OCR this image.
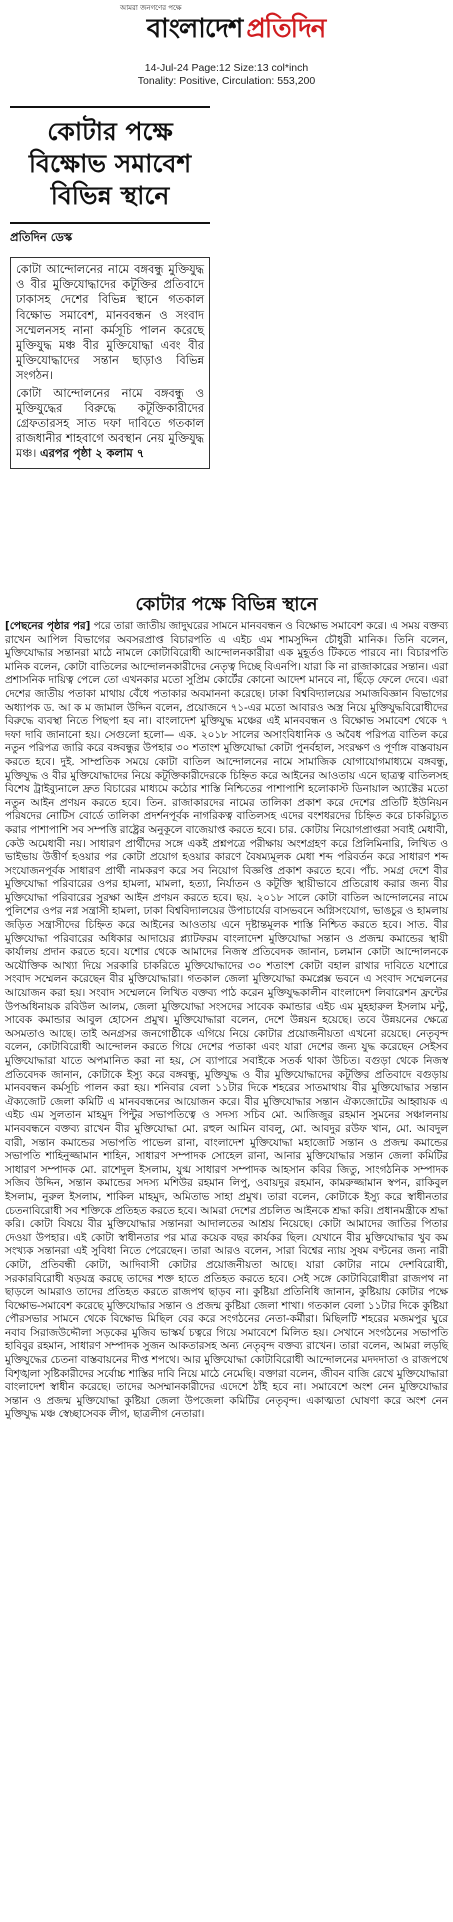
আমরা জনগণের পক্ষে
বাংলাদেশ প্রতিদিন
14-Jul-24 Page:12 Size:13 col*inch
Tonality: Positive, Circulation: 553,200
কোটার পক্ষে
বিক্ষোভ সমাবেশ
বিভিন্ন স্থানে
প্রতিদিন ডেস্ক

কোটা আন্দোলনের নামে বঙ্গবন্ধু মুক্তিযুদ্ধ ও বীর মুক্তিযোদ্ধাদের কটূক্তির প্রতিবাদে ঢাকাসহ দেশের বিভিন্ন স্থানে গতকাল বিক্ষোভ সমাবেশ, মানববন্ধন ও সংবাদ সম্মেলনসহ নানা কর্মসূচি পালন করেছে মুক্তিযুদ্ধ মঞ্চ বীর মুক্তিযোদ্ধা এবং বীর মুক্তিযোদ্ধাদের সন্তান ছাড়াও বিভিন্ন সংগঠন।

কোটা আন্দোলনের নামে বঙ্গবন্ধু ও মুক্তিযুদ্ধের বিরুদ্ধে কটূক্তিকারীদের গ্রেফতারসহ সাত দফা দাবিতে গতকাল রাজধানীর শাহবাগে অবস্থান নেয় মুক্তিযুদ্ধ মঞ্চ। এরপর পৃষ্ঠা ২ কলাম ৭

কোটার পক্ষে বিভিন্ন স্থানে

[পেছনের পৃষ্ঠার পর] পরে তারা জাতীয় জাদুঘরের সামনে মানববন্ধন ও বিক্ষোভ সমাবেশ করে। এ সময় বক্তব্য রাখেন আপিল বিভাগের অবসরপ্রাপ্ত বিচারপতি এ এইচ এম শামসুদ্দিন চৌধুরী মানিক। তিনি বলেন, মুক্তিযোদ্ধার সন্তানরা মাঠে নামলে কোটাবিরোধী আন্দোলনকারীরা এক মুহূর্তও টিকতে পারবে না। বিচারপতি মানিক বলেন, কোটা বাতিলের আন্দোলনকারীদের নেতৃত্ব দিচ্ছে বিএনপি। যারা কি না রাজাকারের সন্তান। এরা প্রশাসনিক দায়িত্ব পেলে তো এখনকার মতো সুপ্রিম কোর্টের কোনো আদেশ মানবে না, ছিঁড়ে ফেলে দেবে। এরা দেশের জাতীয় পতাকা মাথায় বেঁধে পতাকার অবমাননা করেছে। ঢাকা বিশ্ববিদ্যালয়ের সমাজবিজ্ঞান বিভাগের অধ্যাপক ড. আ ক ম জামাল উদ্দিন বলেন, প্রয়োজনে ৭১-এর মতো আবারও অস্ত্র নিয়ে মুক্তিযুদ্ধবিরোধীদের বিরুদ্ধে ব্যবস্থা নিতে পিছপা হব না। বাংলাদেশ মুক্তিযুদ্ধ মঞ্চের এই মানববন্ধন ও বিক্ষোভ সমাবেশ থেকে ৭ দফা দাবি জানানো হয়। সেগুলো হলো— এক. ২০১৮ সালের অসাংবিধানিক ও অবৈধ পরিপত্র বাতিল করে নতুন পরিপত্র জারি করে বঙ্গবন্ধুর উপহার ৩০ শতাংশ মুক্তিযোদ্ধা কোটা পুনর্বহাল, সংরক্ষণ ও পূর্ণাঙ্গ বাস্তবায়ন করতে হবে। দুই. সাম্প্রতিক সময়ে কোটা বাতিল আন্দোলনের নামে সামাজিক যোগাযোগমাধ্যমে বঙ্গবন্ধু, মুক্তিযুদ্ধ ও বীর মুক্তিযোদ্ধাদের নিয়ে কটূক্তিকারীদেরকে চিহ্নিত করে আইনের আওতায় এনে ছাত্রত্ব বাতিলসহ বিশেষ ট্রাইব্যুনালে দ্রুত বিচারের মাধ্যমে কঠোর শাস্তি নিশ্চিতের পাশাপাশি হলোকাস্ট ডিনায়াল অ্যাক্টের মতো নতুন আইন প্রণয়ন করতে হবে। তিন. রাজাকারদের নামের তালিকা প্রকাশ করে দেশের প্রতিটি ইউনিয়ন পরিষদের নোটিস বোর্ডে তালিকা প্রদর্শনপূর্বক নাগরিকত্ব বাতিলসহ এদের বংশধরদের চিহ্নিত করে চাকরিচ্যুত করার পাশাপাশি সব সম্পত্তি রাষ্ট্রের অনুকূলে বাজেয়াপ্ত করতে হবে। চার. কোটায় নিয়োগপ্রাপ্তরা সবাই মেধাবী, কেউ অমেধাবী নয়। সাধারণ প্রার্থীদের সঙ্গে একই প্রশ্নপত্রে পরীক্ষায় অংশগ্রহণ করে প্রিলিমিনারি, লিখিত ও ভাইভায় উত্তীর্ণ হওয়ার পর কোটা প্রয়োগ হওয়ার কারণে বৈষম্যমূলক মেধা শব্দ পরিবর্তন করে সাধারণ শব্দ সংযোজনপূর্বক সাধারণ প্রার্থী নামকরণ করে সব নিয়োগ বিজ্ঞপ্তি প্রকাশ করতে হবে। পাঁচ. সমগ্র দেশে বীর মুক্তিযোদ্ধা পরিবারের ওপর হামলা, মামলা, হত্যা, নির্যাতন ও কটূক্তি স্থায়ীভাবে প্রতিরোধ করার জন্য বীর মুক্তিযোদ্ধা পরিবারের সুরক্ষা আইন প্রণয়ন করতে হবে। ছয়. ২০১৮ সালে কোটা বাতিল আন্দোলনের নামে পুলিশের ওপর নগ্ন সন্ত্রাসী হামলা, ঢাকা বিশ্ববিদ্যালয়ের উপাচার্যের বাসভবনে অগ্নিসংযোগ, ভাঙচুর ও হামলায় জড়িত সন্ত্রাসীদের চিহ্নিত করে আইনের আওতায় এনে দৃষ্টান্তমূলক শাস্তি নিশ্চিত করতে হবে। সাত. বীর মুক্তিযোদ্ধা পরিবারের অধিকার আদায়ের প্ল্যাটফরম বাংলাদেশ মুক্তিযোদ্ধা সন্তান ও প্রজন্ম কমান্ডের স্থায়ী কার্যালয় প্রদান করতে হবে। যশোর থেকে আমাদের নিজস্ব প্রতিবেদক জানান, চলমান কোটা আন্দোলনকে অযৌক্তিক আখ্যা দিয়ে সরকারি চাকরিতে মুক্তিযোদ্ধাদের ৩০ শতাংশ কোটা বহাল রাখার দাবিতে যশোরে সংবাদ সম্মেলন করেছেন বীর মুক্তিযোদ্ধারা। গতকাল জেলা মুক্তিযোদ্ধা কমপ্লেক্স ভবনে এ সংবাদ সম্মেলনের আয়োজন করা হয়। সংবাদ সম্মেলনে লিখিত বক্তব্য পাঠ করেন মুক্তিযুদ্ধকালীন বাংলাদেশ লিবারেশন ফ্রন্টের উপঅধিনায়ক রবিউল আলম, জেলা মুক্তিযোদ্ধা সংসদের সাবেক কমান্ডার এইচ এম মুহহারুল ইসলাম মন্টু, সাবেক কমান্ডার আবুল হোসেন প্রমুখ। মুক্তিযোদ্ধারা বলেন, দেশে উন্নয়ন হয়েছে। তবে উন্নয়নের ক্ষেত্রে অসমতাও আছে। তাই অনগ্রসর জনগোষ্ঠীকে এগিয়ে নিয়ে কোটার প্রয়োজনীয়তা এখনো রয়েছে। নেতৃবৃন্দ বলেন, কোটাবিরোধী আন্দোলন করতে গিয়ে দেশের পতাকা এবং যারা দেশের জন্য যুদ্ধ করেছেন সেইসব মুক্তিযোদ্ধারা যাতে অপমানিত করা না হয়, সে ব্যাপারে সবাইকে সতর্ক থাকা উচিত। বগুড়া থেকে নিজস্ব প্রতিবেদক জানান, কোটাকে ইস্যু করে বঙ্গবন্ধু, মুক্তিযুদ্ধ ও বীর মুক্তিযোদ্ধাদের কটূক্তির প্রতিবাদে বগুড়ায় মানববন্ধন কর্মসূচি পালন করা হয়। শনিবার বেলা ১১টার দিকে শহরের সাতমাথায় বীর মুক্তিযোদ্ধার সন্তান ঐক্যজোট জেলা কমিটি এ মানববন্ধনের আয়োজন করে। বীর মুক্তিযোদ্ধার সন্তান ঐক্যজোটের আহ্বায়ক এ এইচ এম সুলতান মাহমুদ পিন্টুর সভাপতিত্বে ও সদস্য সচিব মো. আজিজুর রহমান সুমনের সঞ্চালনায় মানববন্ধনে বক্তব্য রাখেন বীর মুক্তিযোদ্ধা মো. রহুল আমিন বাবলু, মো. আবদুর রউফ খান, মো. আবদুল বারী, সন্তান কমান্ডের সভাপতি পাভেল রানা, বাংলাদেশ মুক্তিযোদ্ধা মহাজোট সন্তান ও প্রজন্ম কমান্ডের সভাপতি শাহিনুজ্জামান শাহিন, সাধারণ সম্পাদক সোহেল রানা, আনার মুক্তিযোদ্ধার সন্তান জেলা কমিটির সাধারণ সম্পাদক মো. রাশেদুল ইসলাম, যুগ্ম সাধারণ সম্পাদক আহসান কবির জিতু, সাংগঠনিক সম্পাদক সজিব উদ্দিন, সন্তান কমান্ডের সদস্য মশিউর রহমান লিপু, ওবায়দুর রহমান, কামরুজ্জামান স্বপন, রাকিবুল ইসলাম, নুরুল ইসলাম, শাকিল মাহমুদ, অমিতাভ সাহা প্রমুখ। তারা বলেন, কোটাকে ইস্যু করে স্বাধীনতার চেতনাবিরোধী সব শক্তিকে প্রতিহত করতে হবে। আমরা দেশের প্রচলিত আইনকে শ্রদ্ধা করি। প্রধানমন্ত্রীকে শ্রদ্ধা করি। কোটা বিষয়ে বীর মুক্তিযোদ্ধার সন্তানরা আদালতের আশ্রয় নিয়েছে। কোটা আমাদের জাতির পিতার দেওয়া উপহার। এই কোটা স্বাধীনতার পর মাত্র কয়েক বছর কার্যকর ছিল। যেখানে বীর মুক্তিযোদ্ধার খুব কম সংখ্যক সন্তানরা এই সুবিধা নিতে পেরেছেন। তারা আরও বলেন, সারা বিশ্বের ন্যায় সুষম বণ্টনের জন্য নারী কোটা, প্রতিবন্ধী কোটা, আদিবাসী কোটার প্রয়োজনীয়তা আছে। যারা কোটার নামে দেশবিরোধী, সরকারবিরোধী ষড়যন্ত্র করছে তাদের শক্ত হাতে প্রতিহত করতে হবে। সেই সঙ্গে কোটাবিরোধীরা রাজপথ না ছাড়লে আমরাও তাদের প্রতিহত করতে রাজপথ ছাড়ব না। কুষ্টিয়া প্রতিনিধি জানান, কুষ্টিয়ায় কোটার পক্ষে বিক্ষোভ-সমাবেশ করেছে মুক্তিযোদ্ধার সন্তান ও প্রজন্ম কুষ্টিয়া জেলা শাখা। গতকাল বেলা ১১টার দিকে কুষ্টিয়া পৌরসভার সামনে থেকে বিক্ষোভ মিছিল বের করে সংগঠনের নেতা-কর্মীরা। মিছিলটি শহরের মজমপুর ঘুরে নবাব সিরাজউদ্দৌলা সড়কের মুজিব ভাস্কর্য চত্বরে গিয়ে সমাবেশে মিলিত হয়। সেখানে সংগঠনের সভাপতি হাবিবুর রহমান, সাধারণ সম্পাদক সুজন আকতারসহ অন্য নেতৃবৃন্দ বক্তব্য রাখেন। তারা বলেন, আমরা লড়ছি মুক্তিযুদ্ধের চেতনা বাস্তবায়নের দীপ্ত শপথে। আর মুক্তিযোদ্ধা কোটাবিরোধী আন্দোলনের মদদদাতা ও রাজপথে বিশৃঙ্খলা সৃষ্টিকারীদের সর্বোচ্চ শাস্তির দাবি নিয়ে মাঠে নেমেছি। বক্তারা বলেন, জীবন বাজি রেখে মুক্তিযোদ্ধারা বাংলাদেশ স্বাধীন করেছে। তাদের অসম্মানকারীদের এদেশে ঠাঁই হবে না। সমাবেশে অংশ নেন মুক্তিযোদ্ধার সন্তান ও প্রজন্ম মুক্তিযোদ্ধা কুষ্টিয়া জেলা উপজেলা কমিটির নেতৃবৃন্দ। একাত্মতা ঘোষণা করে অংশ নেন মুক্তিযুদ্ধ মঞ্চ স্বেচ্ছাসেবক লীগ, ছাত্রলীগ নেতারা।
